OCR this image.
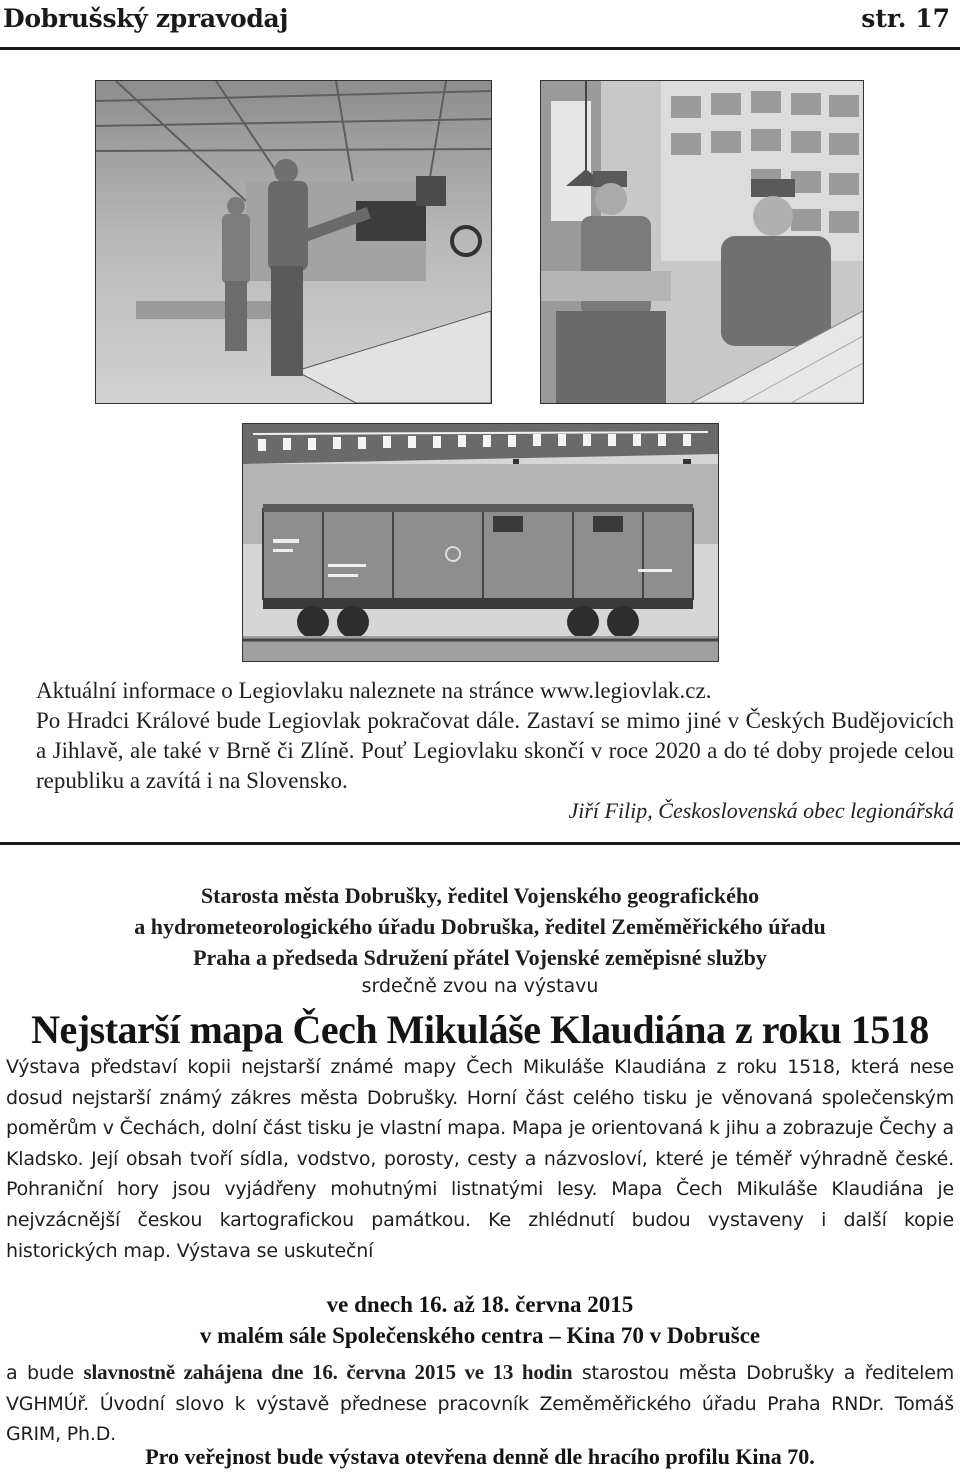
Dobrušský zpravodaj	str. 17

Aktuální informace o Legiovlaku naleznete na stránce www.legiovlak.cz.

Po Hradci Králové bude Legiovlak pokračovat dále. Zastaví se mimo jiné v Českých Budějovicích a Jihlavě, ale také v Brně či Zlíně. Pouť Legiovlaku skončí v roce 2020 a do té doby projede celou republiku a zavítá i na Slovensko.

Jiří Filip, Československá obec legionářská
Starosta města Dobrušky, ředitel Vojenského geografického
a hydrometeorologického úřadu Dobruška, ředitel Zeměměřického úřadu
Praha a předseda Sdružení přátel Vojenské zeměpisné služby
srdečně zvou na výstavu
Nejstarší mapa Čech Mikuláše Klaudiána z roku 1518
Výstava představí kopii nejstarší známé mapy Čech Mikuláše Klaudiána z roku 1518, která nese dosud nejstarší známý zákres města Dobrušky. Horní část celého tisku je věnovaná společenským poměrům v Čechách, dolní část tisku je vlastní mapa. Mapa je orientovaná k jihu a zobrazuje Čechy a Kladsko. Její obsah tvoří sídla, vodstvo, porosty, cesty a názvosloví, které je téměř výhradně české. Pohraniční hory jsou vyjádřeny mohutnými listnatými lesy. Mapa Čech Mikuláše Klaudiána je nejvzácnější českou kartografickou památkou. Ke zhlédnutí budou vystaveny i další kopie historických map. Výstava se uskuteční
ve dnech 16. až 18. června 2015
v malém sále Společenského centra – Kina 70 v Dobrušce
a bude slavnostně zahájena dne 16. června 2015 ve 13 hodin starostou města Dobrušky a ředitelem VGHMÚř. Úvodní slovo k výstavě přednese pracovník Zeměměřického úřadu Praha RNDr. Tomáš GRIM, Ph.D.
Pro veřejnost bude výstava otevřena denně dle hracího profilu Kina 70.
